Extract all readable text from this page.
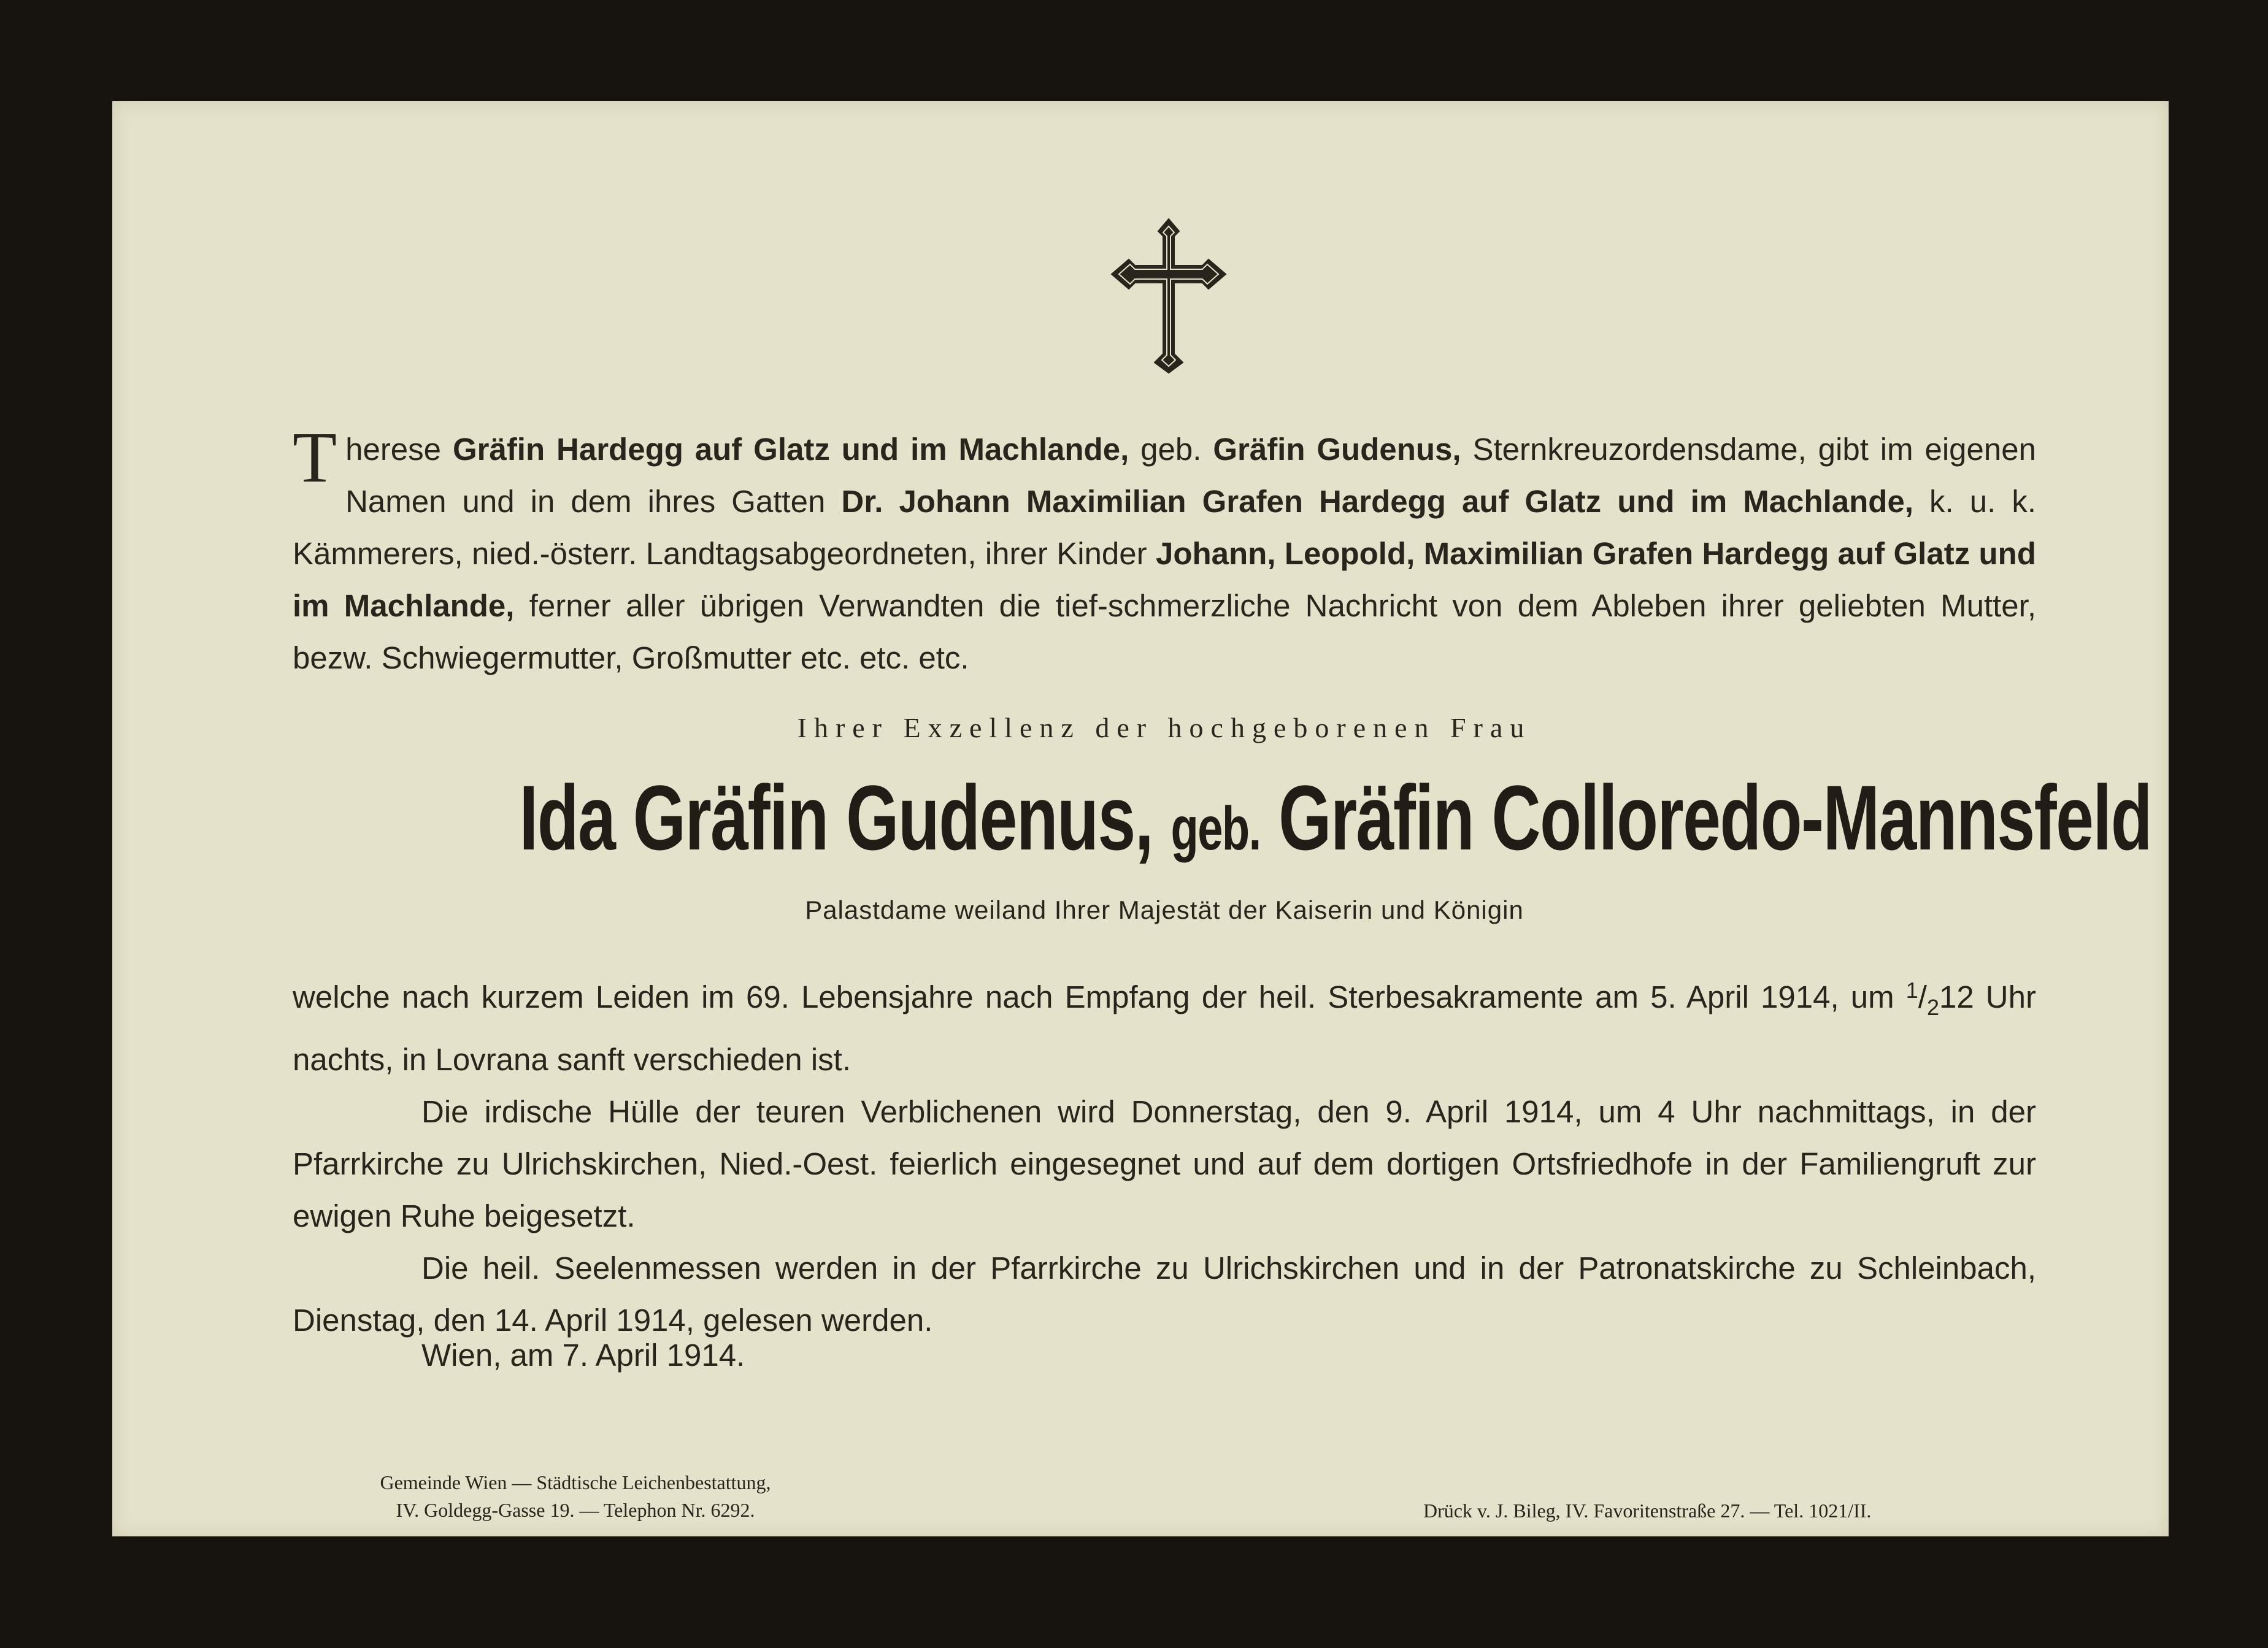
Therese Gräfin Hardegg auf Glatz und im Machlande, geb. Gräfin Gudenus, Sternkreuzordensdame, gibt im eigenen Namen und in dem ihres Gatten Dr. Johann Maximilian Grafen Hardegg auf Glatz und im Machlande, k. u. k. Kämmerers, nied.-österr. Landtagsabgeordneten, ihrer Kinder Johann, Leopold, Maximilian Grafen Hardegg auf Glatz und im Machlande, ferner aller übrigen Verwandten die tief-schmerzliche Nachricht von dem Ableben ihrer geliebten Mutter, bezw. Schwiegermutter, Großmutter etc. etc. etc.
Ihrer Exzellenz der hochgeborenen Frau
Ida Gräfin Gudenus, geb. Gräfin Colloredo-Mannsfeld
Palastdame weiland Ihrer Majestät der Kaiserin und Königin
welche nach kurzem Leiden im 69. Lebensjahre nach Empfang der heil. Sterbesakramente am 5. April 1914, um $^1/_212$ Uhr nachts, in Lovrana sanft verschieden ist.
Die irdische Hülle der teuren Verblichenen wird Donnerstag, den 9. April 1914, um 4 Uhr nachmittags, in der Pfarrkirche zu Ulrichskirchen, Nied.-Oest. feierlich eingesegnet und auf dem dortigen Ortsfriedhofe in der Familiengruft zur ewigen Ruhe beigesetzt.
Die heil. Seelenmessen werden in der Pfarrkirche zu Ulrichskirchen und in der Patronatskirche zu Schleinbach, Dienstag, den 14. April 1914, gelesen werden.
Wien, am 7. April 1914.
Gemeinde Wien — Städtische Leichenbestattung,
IV. Goldegg-Gasse 19. — Telephon Nr. 6292.	Drück v. J. Bileg, IV. Favoritenstraße 27. — Tel. 1021/II.
